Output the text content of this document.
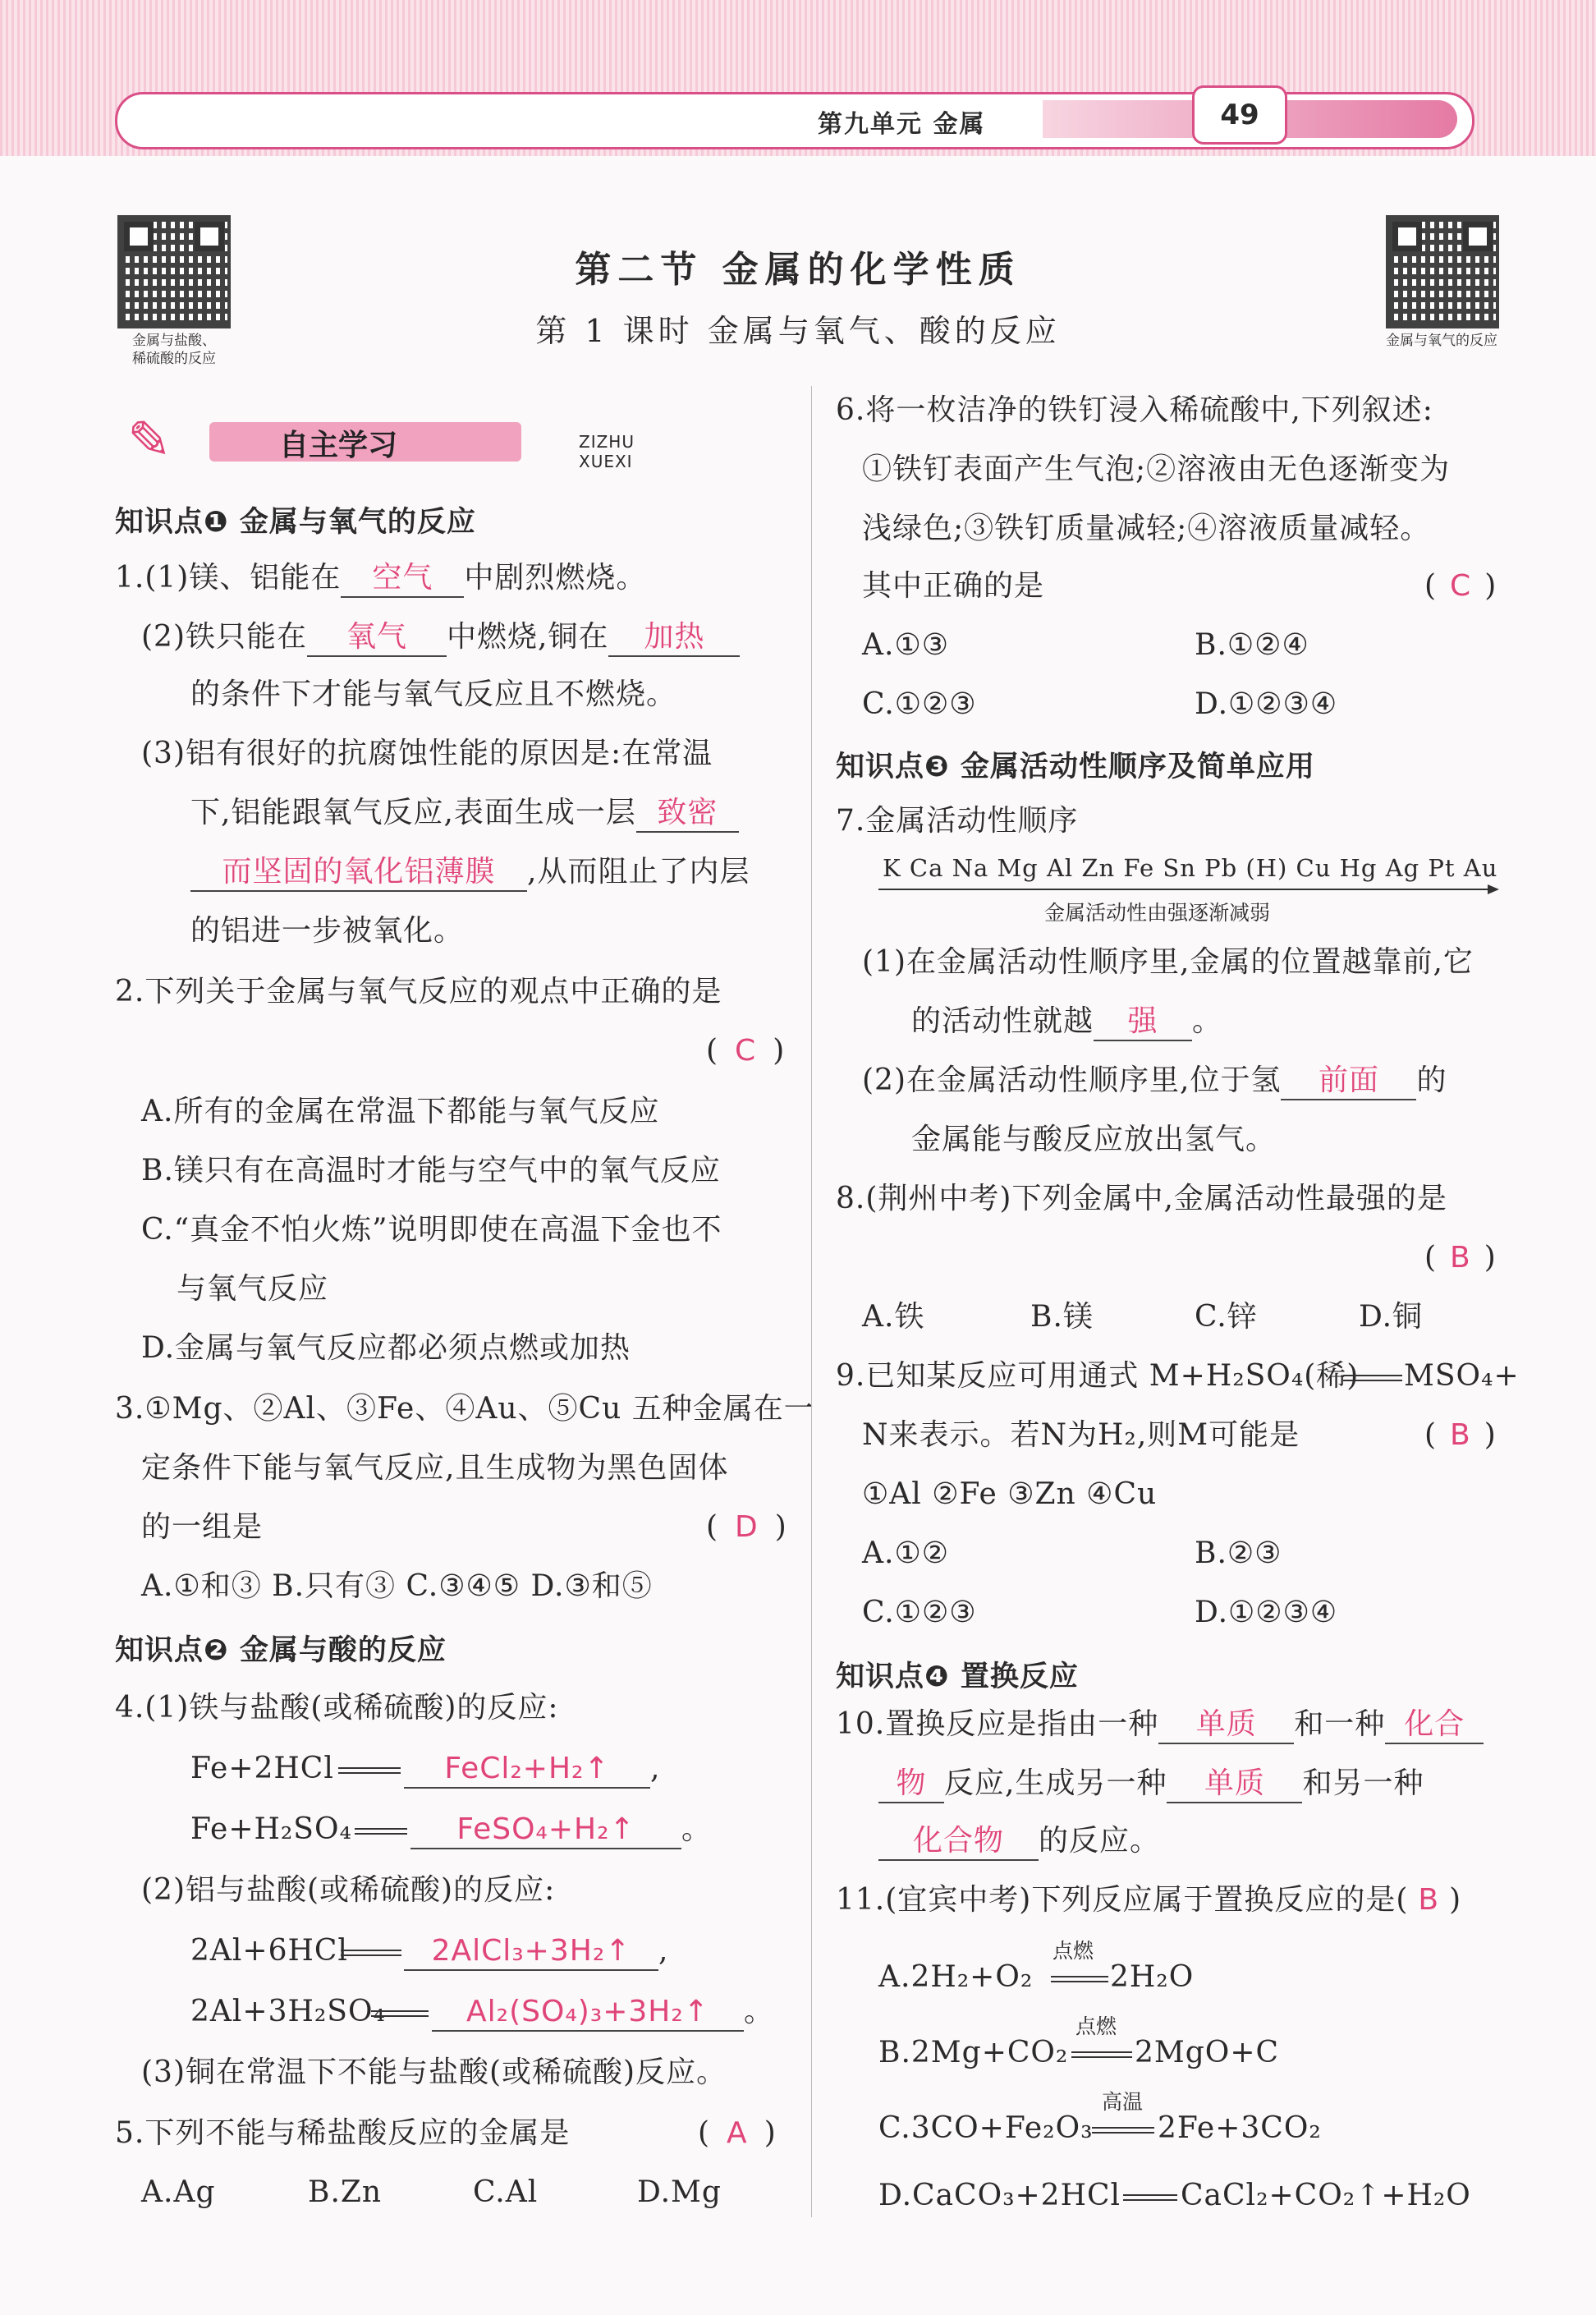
第九单元 金属	49
金属与盐酸、
稀硫酸的反应
金属与氧气的反应
第二节 金属的化学性质
第 1 课时 金属与氧气、酸的反应
✎	自主学习	ZIZHU XUEXI
知识点❶ 金属与氧气的反应
1.(1)镁、铝能在 空气 中剧烈燃烧。
(2)铁只能在 氧气 中燃烧,铜在 加热
的条件下才能与氧气反应且不燃烧。
(3)铝有很好的抗腐蚀性能的原因是:在常温
下,铝能跟氧气反应,表面生成一层 致密
而坚固的氧化铝薄膜 ,从而阻止了内层
的铝进一步被氧化。
2.下列关于金属与氧气反应的观点中正确的是
( C )
A.所有的金属在常温下都能与氧气反应
B.镁只有在高温时才能与空气中的氧气反应
C.“真金不怕火炼”说明即使在高温下金也不
与氧气反应
D.金属与氧气反应都必须点燃或加热
3.①Mg、②Al、③Fe、④Au、⑤Cu 五种金属在一
定条件下能与氧气反应,且生成物为黑色固体
的一组是	( D )
A.①和③ B.只有③ C.③④⑤ D.③和⑤
知识点❷ 金属与酸的反应
4.(1)铁与盐酸(或稀硫酸)的反应:
Fe+2HCl	FeCl₂+H₂↑ ,
Fe+H₂SO₄	FeSO₄+H₂↑ 。
(2)铝与盐酸(或稀硫酸)的反应:
2Al+6HCl	2AlCl₃+3H₂↑ ,
2Al+3H₂SO₄	Al₂(SO₄)₃+3H₂↑ 。
(3)铜在常温下不能与盐酸(或稀硫酸)反应。
5.下列不能与稀盐酸反应的金属是	( A )
A.Ag	B.Zn	C.Al	D.Mg
6.将一枚洁净的铁钉浸入稀硫酸中,下列叙述:
①铁钉表面产生气泡;②溶液由无色逐渐变为
浅绿色;③铁钉质量减轻;④溶液质量减轻。
其中正确的是	( C )
A.①③	B.①②④
C.①②③	D.①②③④
知识点❸ 金属活动性顺序及简单应用
7.金属活动性顺序
K Ca Na Mg Al Zn Fe Sn Pb (H) Cu Hg Ag Pt Au
金属活动性由强逐渐减弱
(1)在金属活动性顺序里,金属的位置越靠前,它
的活动性就越 强 。
(2)在金属活动性顺序里,位于氢 前面 的
金属能与酸反应放出氢气。
8.(荆州中考)下列金属中,金属活动性最强的是
( B )
A.铁	B.镁	C.锌	D.铜
9.已知某反应可用通式 M+H₂SO₄(稀) MSO₄+
N来表示。若N为H₂,则M可能是	( B )
①Al ②Fe ③Zn ④Cu
A.①②	B.②③
C.①②③	D.①②③④
知识点❹ 置换反应
10.置换反应是指由一种 单质 和一种 化合
物 反应,生成另一种 单质 和另一种
化合物 的反应。
11.(宜宾中考)下列反应属于置换反应的是( B )
A.2H₂+O₂
点燃
2H₂O
B.2Mg+CO₂
点燃
2MgO+C
C.3CO+Fe₂O₃
高温
2Fe+3CO₂
D.CaCO₃+2HCl CaCl₂+CO₂↑+H₂O
